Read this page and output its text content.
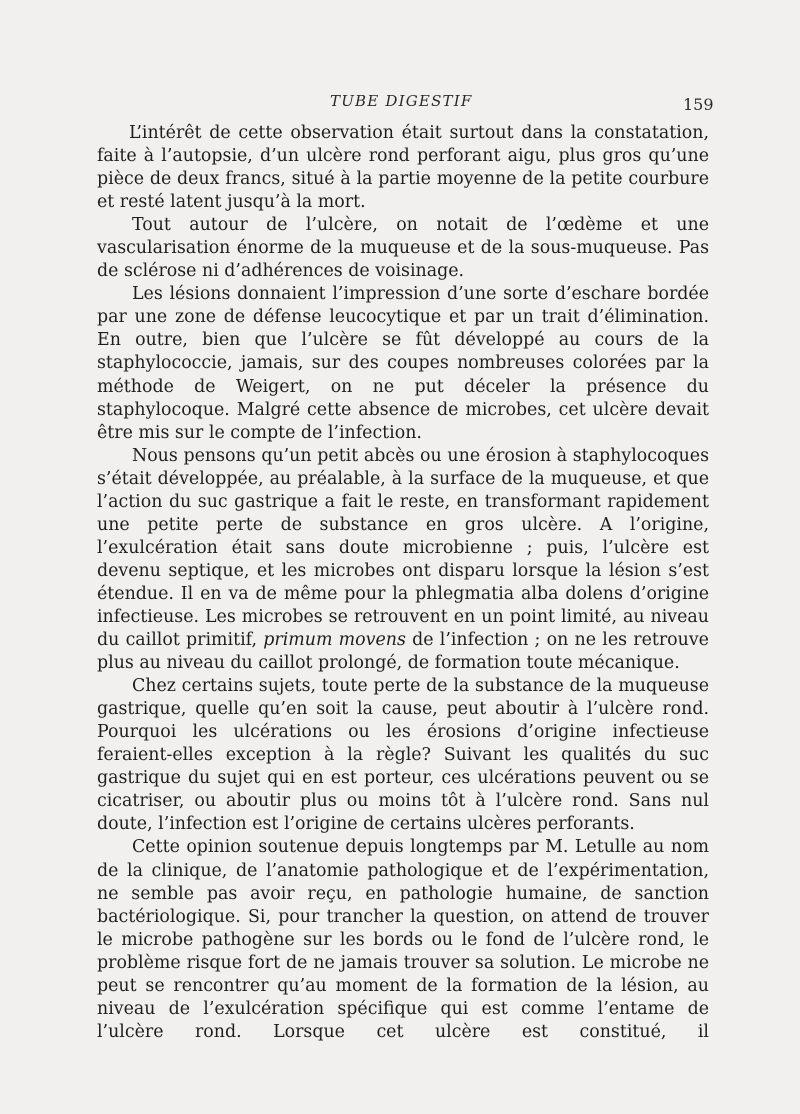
TUBE DIGESTIF	159

L’intérêt de cette observation était surtout dans la constatation, faite à l’autopsie, d’un ulcère rond perforant aigu, plus gros qu’une pièce de deux francs, situé à la partie moyenne de la petite courbure et resté latent jusqu’à la mort.

Tout autour de l’ulcère, on notait de l’œdème et une vascularisation énorme de la muqueuse et de la sous-muqueuse. Pas de sclérose ni d’adhérences de voisinage.

Les lésions donnaient l’impression d’une sorte d’eschare bordée par une zone de défense leucocytique et par un trait d’élimination. En outre, bien que l’ulcère se fût développé au cours de la staphylococcie, jamais, sur des coupes nombreuses colorées par la méthode de Weigert, on ne put déceler la présence du staphylocoque. Malgré cette absence de microbes, cet ulcère devait être mis sur le compte de l’infection.

Nous pensons qu’un petit abcès ou une érosion à staphylocoques s’était développée, au préalable, à la surface de la muqueuse, et que l’action du suc gastrique a fait le reste, en transformant rapidement une petite perte de substance en gros ulcère. A l’origine, l’exulcération était sans doute microbienne ; puis, l’ulcère est devenu septique, et les microbes ont disparu lorsque la lésion s’est étendue. Il en va de même pour la phlegmatia alba dolens d’origine infectieuse. Les microbes se retrouvent en un point limité, au niveau du caillot primitif, primum movens de l’infection ; on ne les retrouve plus au niveau du caillot prolongé, de formation toute mécanique.

Chez certains sujets, toute perte de la substance de la muqueuse gastrique, quelle qu’en soit la cause, peut aboutir à l’ulcère rond. Pourquoi les ulcérations ou les érosions d’origine infectieuse feraient-elles exception à la règle? Suivant les qualités du suc gastrique du sujet qui en est porteur, ces ulcérations peuvent ou se cicatriser, ou aboutir plus ou moins tôt à l’ulcère rond. Sans nul doute, l’infection est l’origine de certains ulcères perforants.

Cette opinion soutenue depuis longtemps par M. Letulle au nom de la clinique, de l’anatomie pathologique et de l’expérimentation, ne semble pas avoir reçu, en pathologie humaine, de sanction bactériologique. Si, pour trancher la question, on attend de trouver le microbe pathogène sur les bords ou le fond de l’ulcère rond, le problème risque fort de ne jamais trouver sa solution. Le microbe ne peut se rencontrer qu’au moment de la formation de la lésion, au niveau de l’exulcération spécifique qui est comme l’entame de l’ulcère rond. Lorsque cet ulcère est constitué, il
